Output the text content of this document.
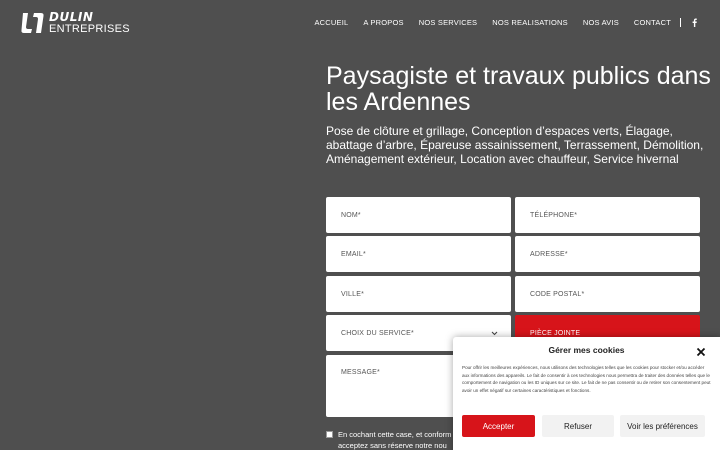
DULIN
ENTREPRISES
ACCUEIL A PROPOS NOS SERVICES NOS REALISATIONS NOS AVIS CONTACT
Paysagiste et travaux publics dans les Ardennes

Pose de clôture et grillage, Conception d’espaces verts, Élagage, abattage d’arbre, Épareuse assainissement, Terrassement, Démolition, Aménagement extérieur, Location avec chauffeur, Service hivernal

NOM*	TÉLÉPHONE*
EMAIL*	ADRESSE*
VILLE*	CODE POSTAL*
CHOIX DU SERVICE*	PIÈCE JOINTE
MESSAGE*
En cochant cette case, et conform acceptez sans réserve notre nou
Gérer mes cookies

Pour offrir les meilleures expériences, nous utilisons des technologies telles que les cookies pour stocker et/ou accéder aux informations des appareils. Le fait de consentir à ces technologies nous permettra de traiter des données telles que le comportement de navigation ou les ID uniques sur ce site. Le fait de ne pas consentir ou de retirer son consentement peut avoir un effet négatif sur certaines caractéristiques et fonctions.

Accepter	Refuser	Voir les préférences
